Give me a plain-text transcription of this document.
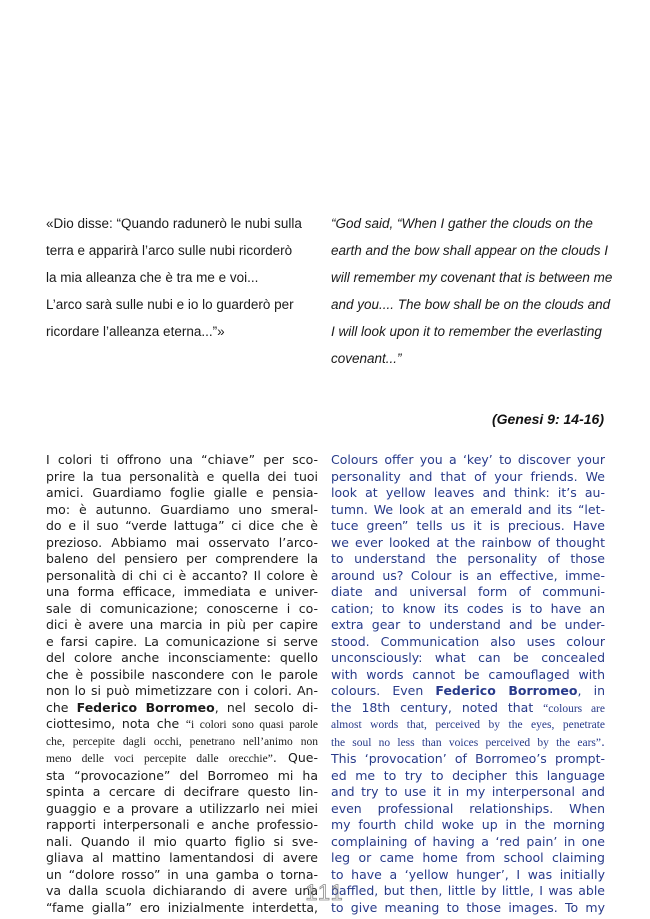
«Dio disse: “Quando radunerò le nubi sulla
terra e apparirà l’arco sulle nubi ricorderò
la mia alleanza che è tra me e voi...
L’arco sarà sulle nubi e io lo guarderò per
ricordare l’alleanza eterna...”»
“God said, “When I gather the clouds on the
earth and the bow shall appear on the clouds I
will remember my covenant that is between me
and you.... The bow shall be on the clouds and
I will look upon it to remember the everlasting
covenant...”
(Genesi 9: 14-16)
I colori ti offrono una “chiave” per sco-
prire la tua personalità e quella dei tuoi
amici. Guardiamo foglie gialle e pensia-
mo: è autunno. Guardiamo uno smeral-
do e il suo “verde lattuga” ci dice che è
prezioso. Abbiamo mai osservato l’arco-
baleno del pensiero per comprendere la
personalità di chi ci è accanto? Il colore è
una forma efficace, immediata e univer-
sale di comunicazione; conoscerne i co-
dici è avere una marcia in più per capire
e farsi capire. La comunicazione si serve
del colore anche inconsciamente: quello
che è possibile nascondere con le parole
non lo si può mimetizzare con i colori. An-
che Federico Borromeo, nel secolo di-
ciottesimo, nota che “i colori sono quasi parole
che, percepite dagli occhi, penetrano nell’animo non
meno delle voci percepite dalle orecchie”. Que-
sta “provocazione” del Borromeo mi ha
spinta a cercare di decifrare questo lin-
guaggio e a provare a utilizzarlo nei miei
rapporti interpersonali e anche professio-
nali. Quando il mio quarto figlio si sve-
gliava al mattino lamentandosi di avere
un “dolore rosso” in una gamba o torna-
va dalla scuola dichiarando di avere una
“fame gialla” ero inizialmente interdetta,
Colours offer you a ‘key’ to discover your
personality and that of your friends. We
look at yellow leaves and think: it’s au-
tumn. We look at an emerald and its “let-
tuce green” tells us it is precious. Have
we ever looked at the rainbow of thought
to understand the personality of those
around us? Colour is an effective, imme-
diate and universal form of communi-
cation; to know its codes is to have an
extra gear to understand and be under-
stood. Communication also uses colour
unconsciously: what can be concealed
with words cannot be camouflaged with
colours. Even Federico Borromeo, in
the 18th century, noted that “colours are
almost words that, perceived by the eyes, penetrate
the soul no less than voices perceived by the ears”.
This ‘provocation’ of Borromeo’s prompt-
ed me to try to decipher this language
and try to use it in my interpersonal and
even professional relationships. When
my fourth child woke up in the morning
complaining of having a ‘red pain’ in one
leg or came home from school claiming
to have a ‘yellow hunger’, I was initially
baffled, but then, little by little, I was able
to give meaning to those images. To my
111
